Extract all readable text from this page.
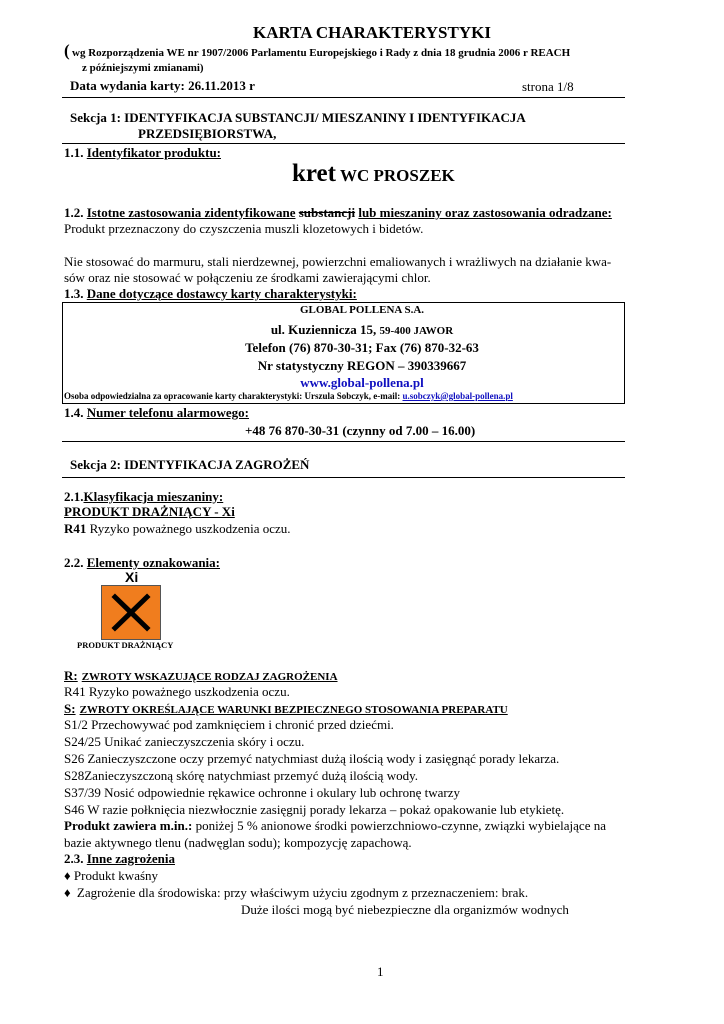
KARTA CHARAKTERYSTYKI
( wg Rozporządzenia WE nr 1907/2006 Parlamentu Europejskiego i Rady z dnia 18 grudnia 2006 r REACH
z późniejszymi zmianami)
Data wydania karty: 26.11.2013 r	strona 1/8
Sekcja 1: IDENTYFIKACJA SUBSTANCJI/ MIESZANINY I IDENTYFIKACJA
PRZEDSIĘBIORSTWA,
1.1. Identyfikator produktu:
kret WC PROSZEK
1.2. Istotne zastosowania zidentyfikowane substancji lub mieszaniny oraz zastosowania odradzane:
Produkt przeznaczony do czyszczenia muszli klozetowych i bidetów.
Nie stosować do marmuru, stali nierdzewnej, powierzchni emaliowanych i wrażliwych na działanie kwa-
sów oraz nie stosować w połączeniu ze środkami zawierającymi chlor.
1.3. Dane dotyczące dostawcy karty charakterystyki:
GLOBAL POLLENA S.A.
ul. Kuziennicza 15, 59-400 JAWOR
Telefon (76) 870-30-31; Fax (76) 870-32-63
Nr statystyczny REGON – 390339667
www.global-pollena.pl
Osoba odpowiedzialna za opracowanie karty charakterystyki: Urszula Sobczyk, e-mail: u.sobczyk@global-pollena.pl
1.4. Numer telefonu alarmowego:
+48 76 870-30-31 (czynny od 7.00 – 16.00)
Sekcja 2: IDENTYFIKACJA ZAGROŻEŃ
2.1.Klasyfikacja mieszaniny:
PRODUKT DRAŻNIĄCY - Xi
R41 Ryzyko poważnego uszkodzenia oczu.
2.2. Elementy oznakowania:
Xi
PRODUKT DRAŻNIĄCY
R: ZWROTY WSKAZUJĄCE RODZAJ ZAGROŻENIA
R41 Ryzyko poważnego uszkodzenia oczu.
S: ZWROTY OKREŚLAJĄCE WARUNKI BEZPIECZNEGO STOSOWANIA PREPARATU
S1/2 Przechowywać pod zamknięciem i chronić przed dziećmi.
S24/25 Unikać zanieczyszczenia skóry i oczu.
S26 Zanieczyszczone oczy przemyć natychmiast dużą ilością wody i zasięgnąć porady lekarza.
S28Zanieczyszczoną skórę natychmiast przemyć dużą ilością wody.
S37/39 Nosić odpowiednie rękawice ochronne i okulary lub ochronę twarzy
S46 W razie połknięcia niezwłocznie zasięgnij porady lekarza – pokaż opakowanie lub etykietę.
Produkt zawiera m.in.: poniżej 5 % anionowe środki powierzchniowo-czynne, związki wybielające na
bazie aktywnego tlenu (nadwęglan sodu); kompozycję zapachową.
2.3. Inne zagrożenia
♦ Produkt kwaśny
♦ Zagrożenie dla środowiska: przy właściwym użyciu zgodnym z przeznaczeniem: brak.
Duże ilości mogą być niebezpieczne dla organizmów wodnych
1
